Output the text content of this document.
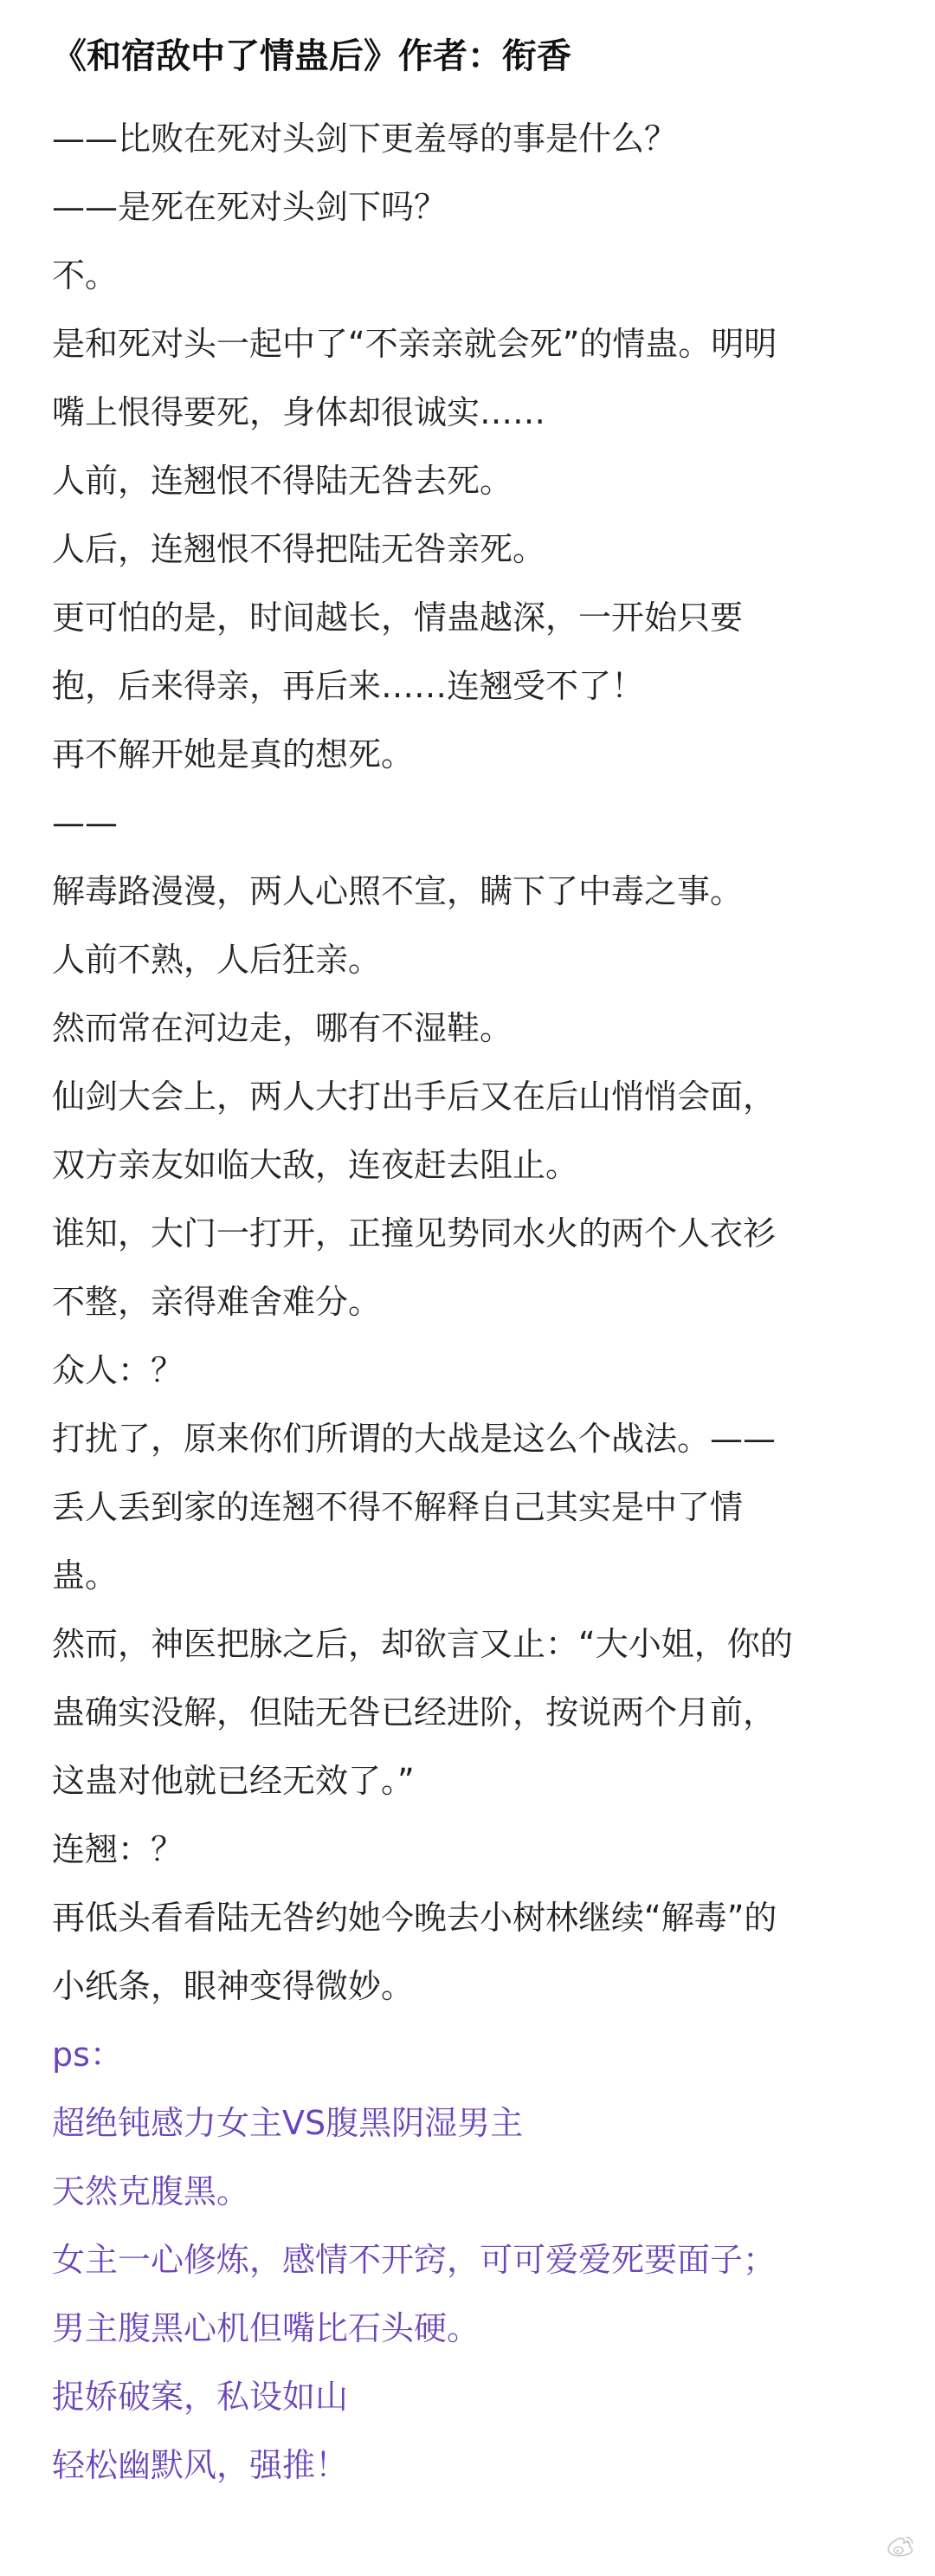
《和宿敌中了情蛊后》作者：衔香

——比败在死对头剑下更羞辱的事是什么？

——是死在死对头剑下吗？

不。

是和死对头一起中了“不亲亲就会死”的情蛊。明明

嘴上恨得要死，身体却很诚实……

人前，连翘恨不得陆无咎去死。

人后，连翘恨不得把陆无咎亲死。

更可怕的是，时间越长，情蛊越深，一开始只要

抱，后来得亲，再后来……连翘受不了！

再不解开她是真的想死。

——

解毒路漫漫，两人心照不宣，瞒下了中毒之事。

人前不熟，人后狂亲。

然而常在河边走，哪有不湿鞋。

仙剑大会上，两人大打出手后又在后山悄悄会面，

双方亲友如临大敌，连夜赶去阻止。

谁知，大门一打开，正撞见势同水火的两个人衣衫

不整，亲得难舍难分。

众人：？

打扰了，原来你们所谓的大战是这么个战法。——

丢人丢到家的连翘不得不解释自己其实是中了情

蛊。

然而，神医把脉之后，却欲言又止：“大小姐，你的

蛊确实没解，但陆无咎已经进阶，按说两个月前，

这蛊对他就已经无效了。”

连翘：？

再低头看看陆无咎约她今晚去小树林继续“解毒”的

小纸条，眼神变得微妙。

ps：

超绝钝感力女主VS腹黑阴湿男主

天然克腹黑。

女主一心修炼，感情不开窍，可可爱爱死要面子；

男主腹黑心机但嘴比石头硬。

捉娇破案，私设如山

轻松幽默风，强推！
